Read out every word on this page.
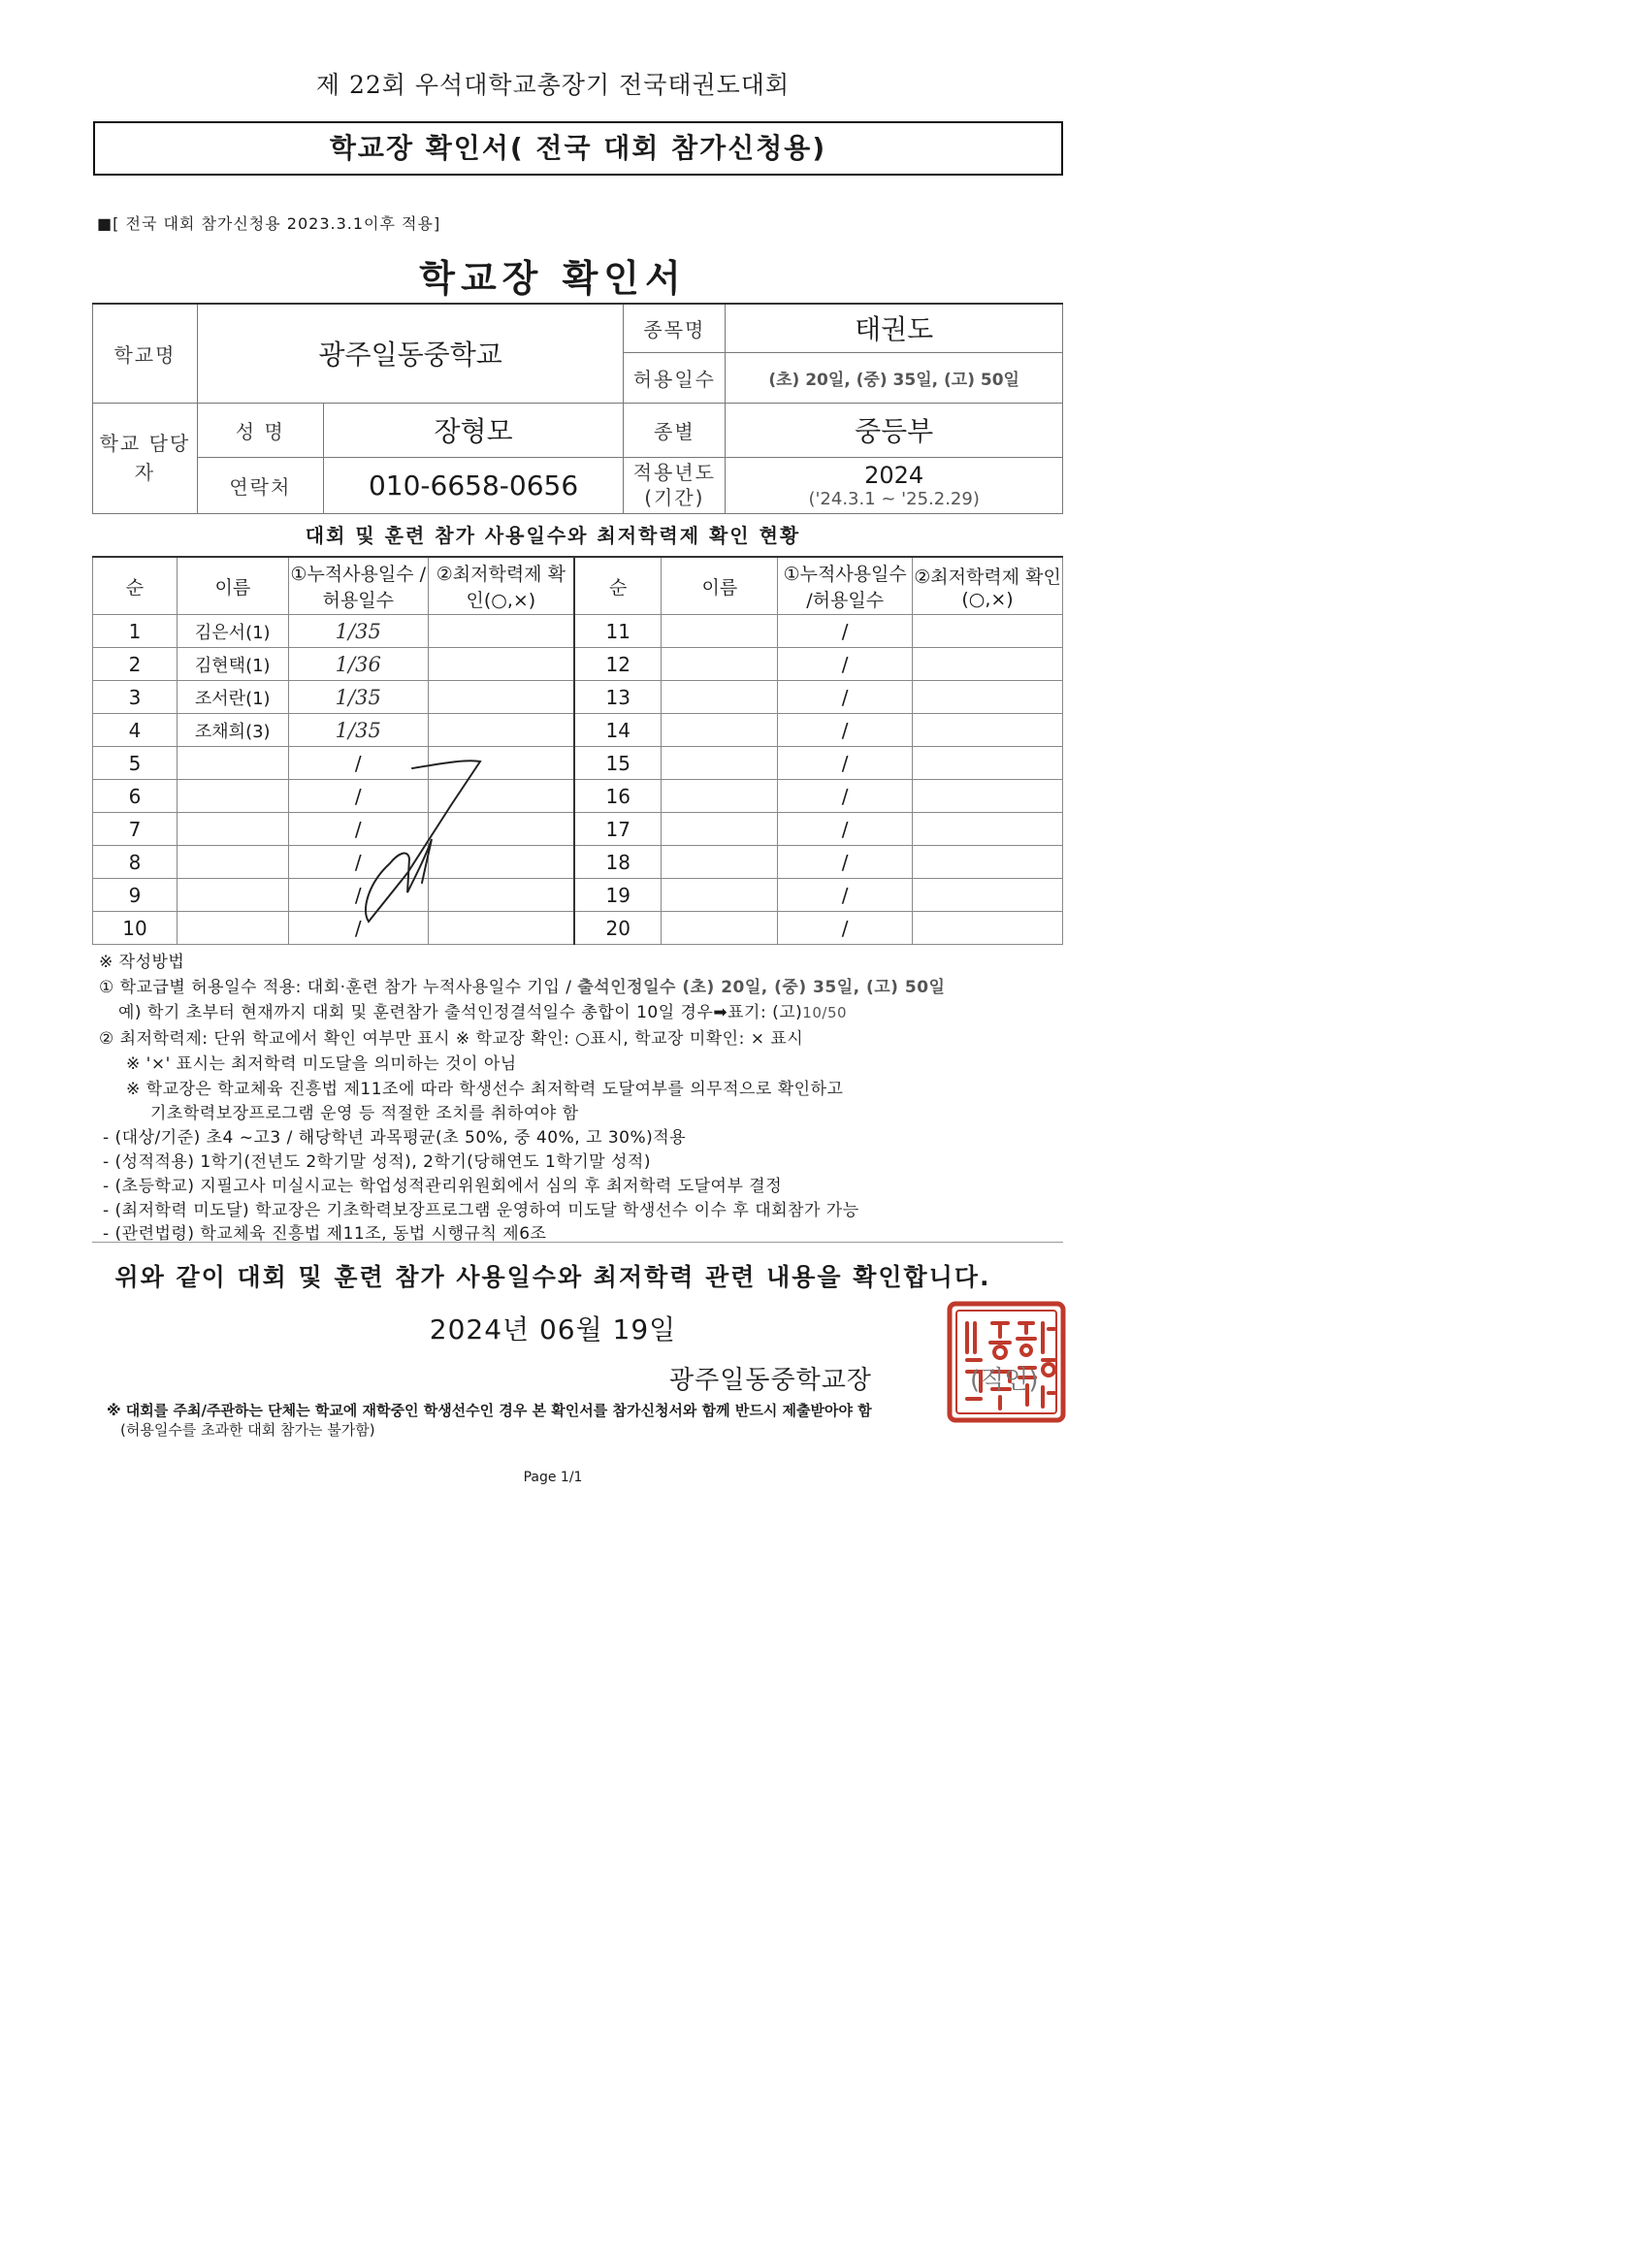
제 22회 우석대학교총장기 전국태권도대회
학교장 확인서( 전국 대회 참가신청용)
■[ 전국 대회 참가신청용 2023.3.1이후 적용]
학교장 확인서
학교명	광주일동중학교		종목명	태권도
			허용일수	(초) 20일, (중) 35일, (고) 50일
학교 담당자	성 명	장형모	종별	중등부
	연락처	010-6658-0656	적용년도 (기간)	2024
('24.3.1 ~ '25.2.29)
대회 및 훈련 참가 사용일수와 최저학력제 확인 현황
순	이름	①누적사용일수 /허용일수	②최저학력제 확인(○,×)	순	이름	①누적사용일수 /허용일수	②최저학력제 확인(○,×)
1	김은서(1)	1/35		11		/	
2	김현택(1)	1/36		12		/	
3	조서란(1)	1/35		13		/	
4	조채희(3)	1/35		14		/	
5		/		15		/	
6		/		16		/	
7		/		17		/	
8		/		18		/	
9		/		19		/	
10		/		20		/	
※ 작성방법
① 학교급별 허용일수 적용: 대회·훈련 참가 누적사용일수 기입 / 출석인정일수 (초) 20일, (중) 35일, (고) 50일
예) 학기 초부터 현재까지 대회 및 훈련참가 출석인정결석일수 총합이 10일 경우➡표기: (고)10/50
② 최저학력제: 단위 학교에서 확인 여부만 표시 ※ 학교장 확인: ○표시, 학교장 미확인: × 표시
※ '×' 표시는 최저학력 미도달을 의미하는 것이 아님
※ 학교장은 학교체육 진흥법 제11조에 따라 학생선수 최저학력 도달여부를 의무적으로 확인하고
기초학력보장프로그램 운영 등 적절한 조치를 취하여야 함
- (대상/기준) 초4 ~고3 / 해당학년 과목평균(초 50%, 중 40%, 고 30%)적용
- (성적적용) 1학기(전년도 2학기말 성적), 2학기(당해연도 1학기말 성적)
- (초등학교) 지필고사 미실시교는 학업성적관리위원회에서 심의 후 최저학력 도달여부 결정
- (최저학력 미도달) 학교장은 기초학력보장프로그램 운영하여 미도달 학생선수 이수 후 대회참가 가능
- (관련법령) 학교체육 진흥법 제11조, 동법 시행규칙 제6조
위와 같이 대회 및 훈련 참가 사용일수와 최저학력 관련 내용을 확인합니다.
2024년 06월 19일
광주일동중학교장	(직인)
※ 대회를 주최/주관하는 단체는 학교에 재학중인 학생선수인 경우 본 확인서를 참가신청서와 함께 반드시 제출받아야 함
(허용일수를 초과한 대회 참가는 불가함)
Page 1/1
